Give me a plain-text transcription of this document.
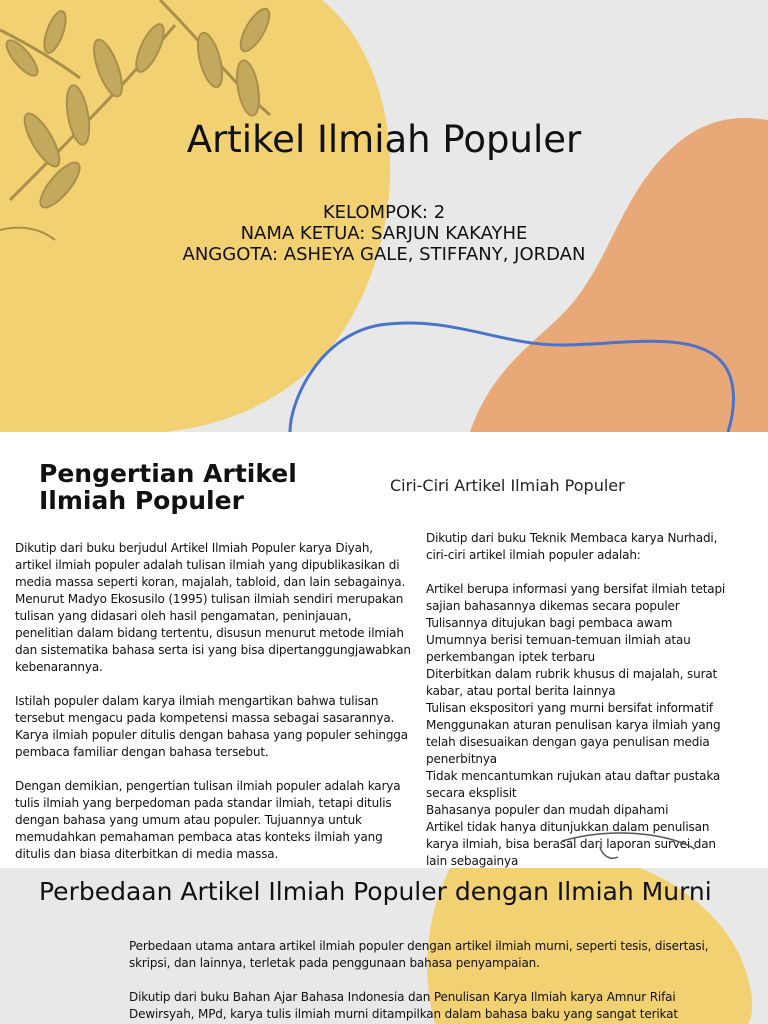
Artikel Ilmiah Populer
KELOMPOK: 2
NAMA KETUA: SARJUN KAKAYHE
ANGGOTA: ASHEYA GALE, STIFFANY, JORDAN
Pengertian Artikel Ilmiah Populer
Ciri-Ciri Artikel Ilmiah Populer

Dikutip dari buku berjudul Artikel Ilmiah Populer karya Diyah,

artikel ilmiah populer adalah tulisan ilmiah yang dipublikasikan di

media massa seperti koran, majalah, tabloid, dan lain sebagainya.

Menurut Madyo Ekosusilo (1995) tulisan ilmiah sendiri merupakan

tulisan yang didasari oleh hasil pengamatan, peninjauan,

penelitian dalam bidang tertentu, disusun menurut metode ilmiah

dan sistematika bahasa serta isi yang bisa dipertanggungjawabkan

kebenarannya.

Istilah populer dalam karya ilmiah mengartikan bahwa tulisan

tersebut mengacu pada kompetensi massa sebagai sasarannya.

Karya ilmiah populer ditulis dengan bahasa yang populer sehingga

pembaca familiar dengan bahasa tersebut.

Dengan demikian, pengertian tulisan ilmiah populer adalah karya

tulis ilmiah yang berpedoman pada standar ilmiah, tetapi ditulis

dengan bahasa yang umum atau populer. Tujuannya untuk

memudahkan pemahaman pembaca atas konteks ilmiah yang

ditulis dan biasa diterbitkan di media massa.

Dikutip dari buku Teknik Membaca karya Nurhadi,

ciri-ciri artikel ilmiah populer adalah:

Artikel berupa informasi yang bersifat ilmiah tetapi

sajian bahasannya dikemas secara populer

Tulisannya ditujukan bagi pembaca awam

Umumnya berisi temuan-temuan ilmiah atau

perkembangan iptek terbaru

Diterbitkan dalam rubrik khusus di majalah, surat

kabar, atau portal berita lainnya

Tulisan ekspositori yang murni bersifat informatif

Menggunakan aturan penulisan karya ilmiah yang

telah disesuaikan dengan gaya penulisan media

penerbitnya

Tidak mencantumkan rujukan atau daftar pustaka

secara eksplisit

Bahasanya populer dan mudah dipahami

Artikel tidak hanya ditunjukkan dalam penulisan

karya ilmiah, bisa berasal dari laporan survei dan

lain sebagainya

Perbedaan Artikel Ilmiah Populer dengan Ilmiah Murni

Perbedaan utama antara artikel ilmiah populer dengan artikel ilmiah murni, seperti tesis, disertasi,

skripsi, dan lainnya, terletak pada penggunaan bahasa penyampaian.

Dikutip dari buku Bahan Ajar Bahasa Indonesia dan Penulisan Karya Ilmiah karya Amnur Rifai

Dewirsyah, MPd, karya tulis ilmiah murni ditampilkan dalam bahasa baku yang sangat terikat
